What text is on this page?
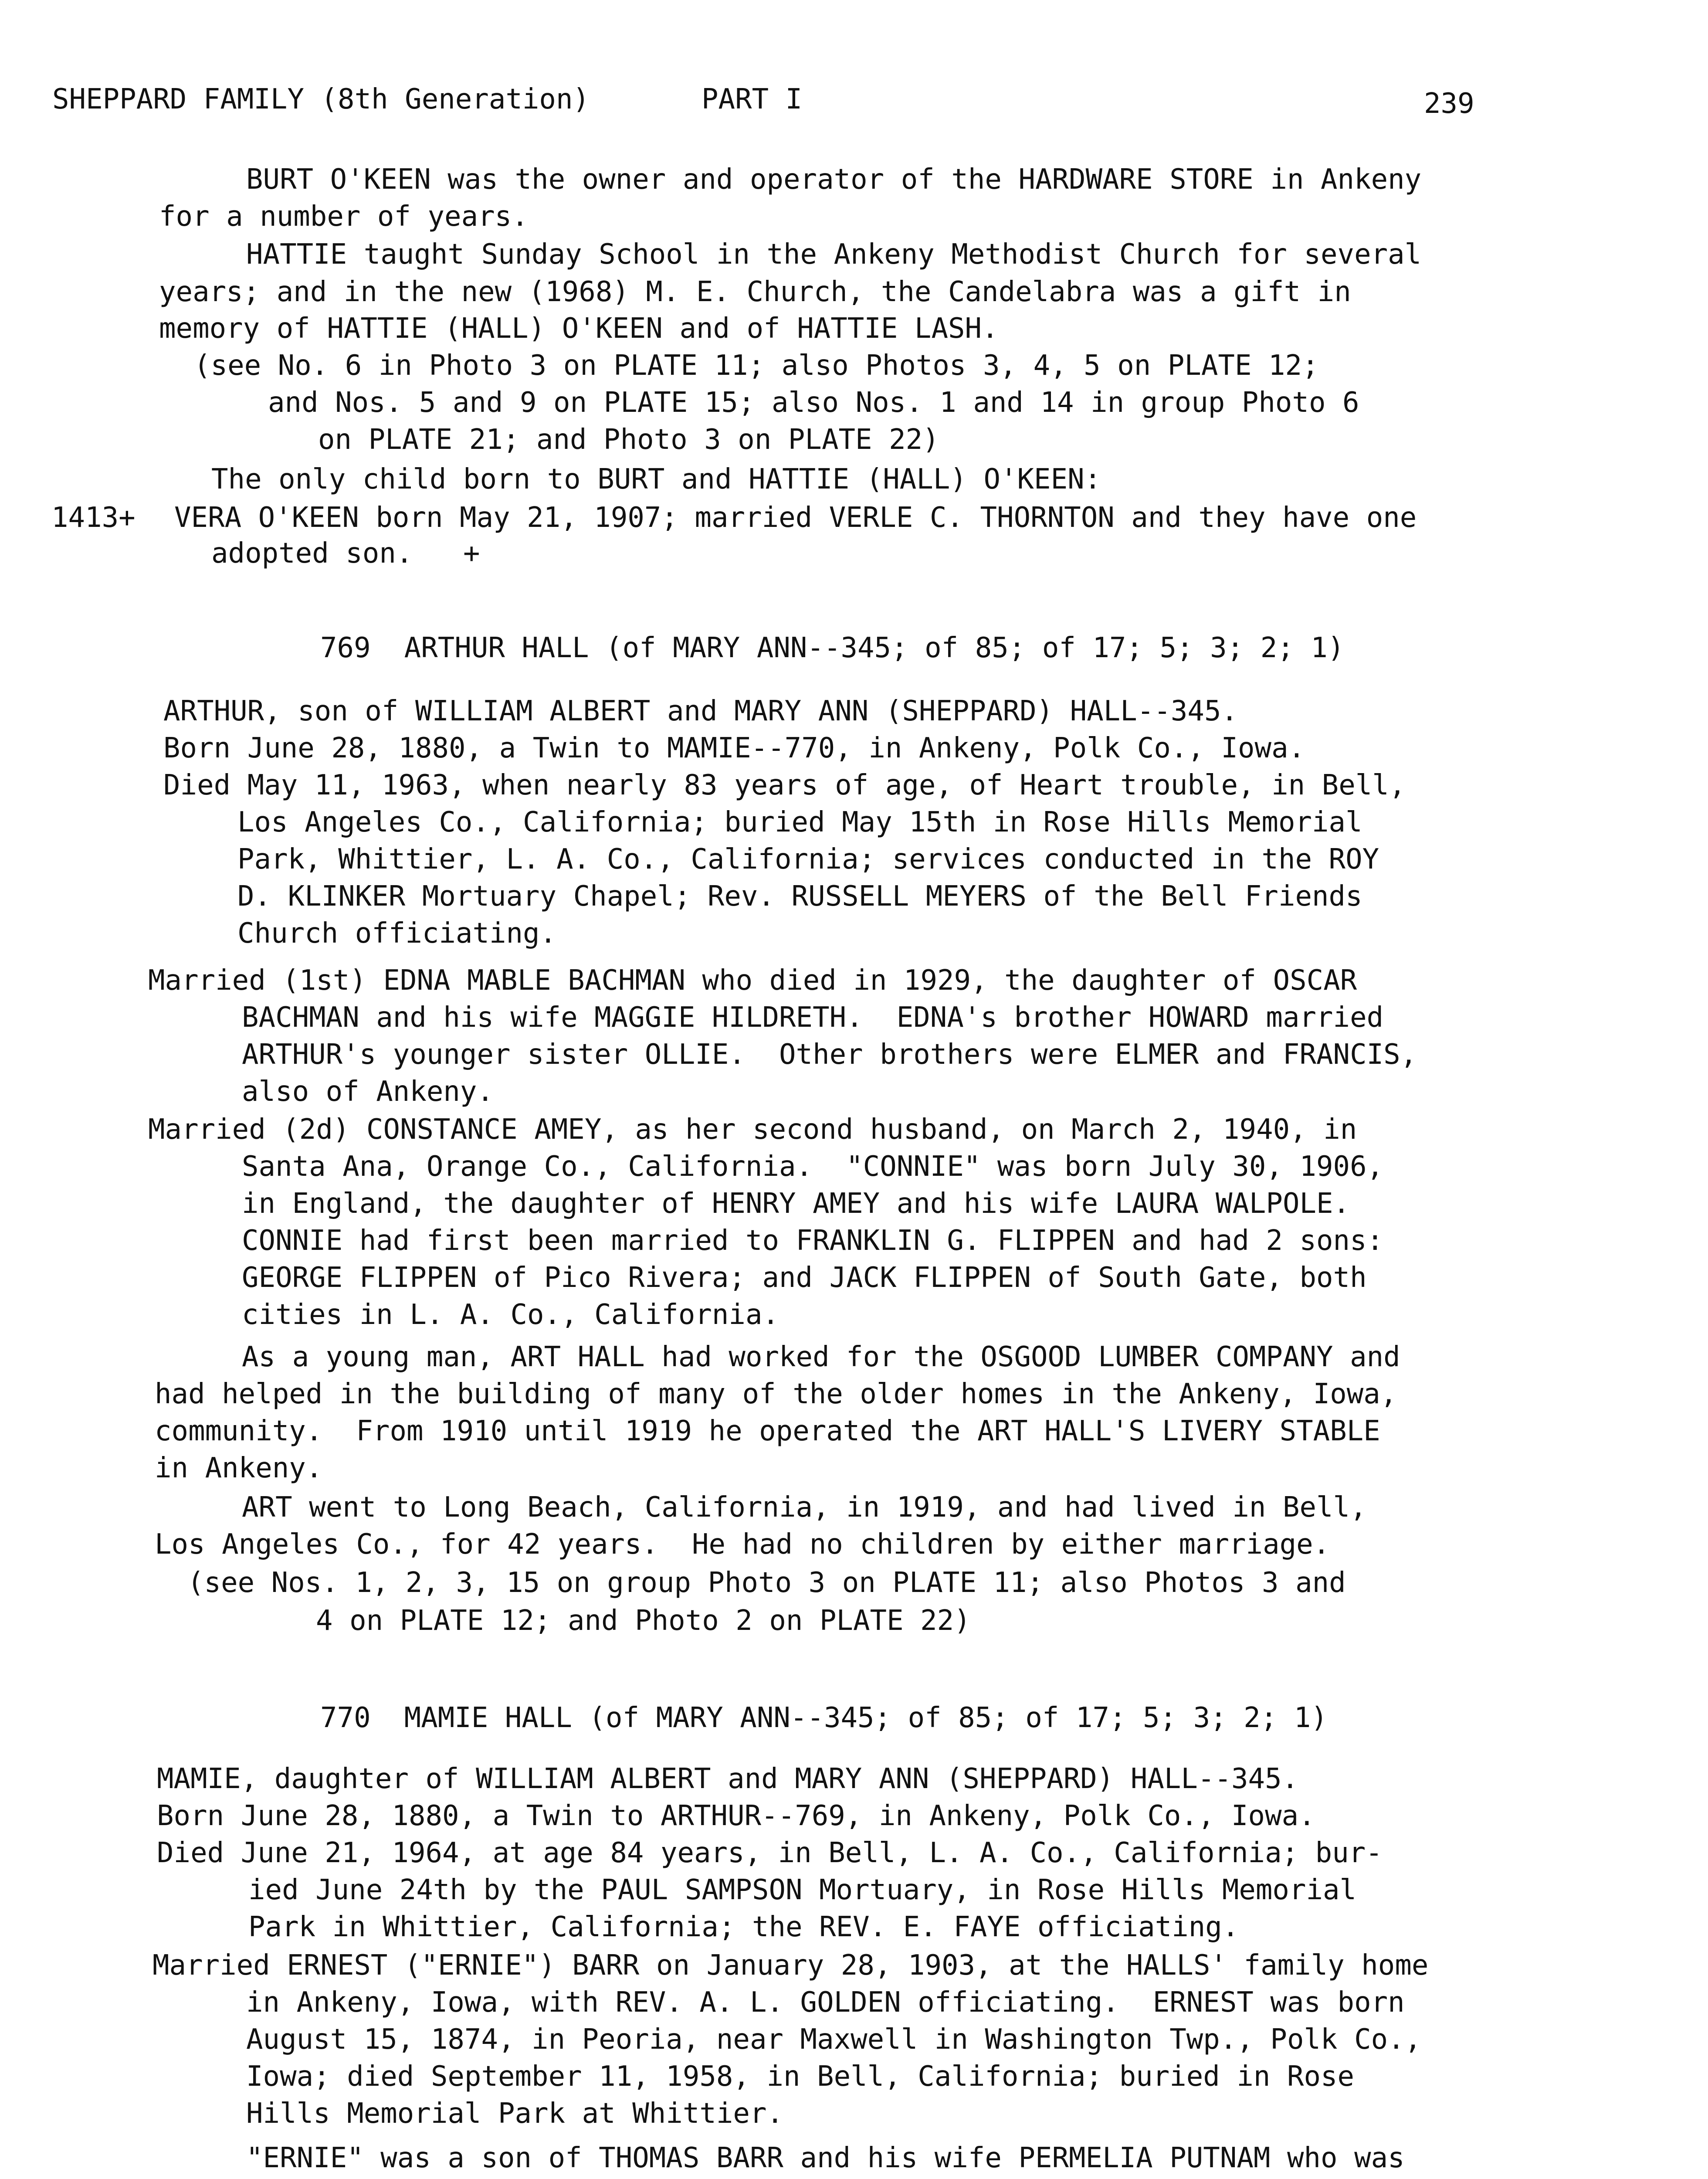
SHEPPARD FAMILY (8th Generation)	PART I	239
BURT O'KEEN was the owner and operator of the HARDWARE STORE in Ankeny
for a number of years.
HATTIE taught Sunday School in the Ankeny Methodist Church for several
years; and in the new (1968) M. E. Church, the Candelabra was a gift in
memory of HATTIE (HALL) O'KEEN and of HATTIE LASH.
(see No. 6 in Photo 3 on PLATE 11; also Photos 3, 4, 5 on PLATE 12;
and Nos. 5 and 9 on PLATE 15; also Nos. 1 and 14 in group Photo 6
on PLATE 21; and Photo 3 on PLATE 22)
The only child born to BURT and HATTIE (HALL) O'KEEN:
1413+ VERA O'KEEN born May 21, 1907; married VERLE C. THORNTON and they have one
adopted son.   +
769  ARTHUR HALL (of MARY ANN--345; of 85; of 17; 5; 3; 2; 1)
ARTHUR, son of WILLIAM ALBERT and MARY ANN (SHEPPARD) HALL--345.
Born June 28, 1880, a Twin to MAMIE--770, in Ankeny, Polk Co., Iowa.
Died May 11, 1963, when nearly 83 years of age, of Heart trouble, in Bell,
Los Angeles Co., California; buried May 15th in Rose Hills Memorial
Park, Whittier, L. A. Co., California; services conducted in the ROY
D. KLINKER Mortuary Chapel; Rev. RUSSELL MEYERS of the Bell Friends
Church officiating.
Married (1st) EDNA MABLE BACHMAN who died in 1929, the daughter of OSCAR
BACHMAN and his wife MAGGIE HILDRETH.  EDNA's brother HOWARD married
ARTHUR's younger sister OLLIE.  Other brothers were ELMER and FRANCIS,
also of Ankeny.
Married (2d) CONSTANCE AMEY, as her second husband, on March 2, 1940, in
Santa Ana, Orange Co., California.  "CONNIE" was born July 30, 1906,
in England, the daughter of HENRY AMEY and his wife LAURA WALPOLE.
CONNIE had first been married to FRANKLIN G. FLIPPEN and had 2 sons:
GEORGE FLIPPEN of Pico Rivera; and JACK FLIPPEN of South Gate, both
cities in L. A. Co., California.
As a young man, ART HALL had worked for the OSGOOD LUMBER COMPANY and
had helped in the building of many of the older homes in the Ankeny, Iowa,
community.  From 1910 until 1919 he operated the ART HALL'S LIVERY STABLE
in Ankeny.
ART went to Long Beach, California, in 1919, and had lived in Bell,
Los Angeles Co., for 42 years.  He had no children by either marriage.
(see Nos. 1, 2, 3, 15 on group Photo 3 on PLATE 11; also Photos 3 and
4 on PLATE 12; and Photo 2 on PLATE 22)
770  MAMIE HALL (of MARY ANN--345; of 85; of 17; 5; 3; 2; 1)
MAMIE, daughter of WILLIAM ALBERT and MARY ANN (SHEPPARD) HALL--345.
Born June 28, 1880, a Twin to ARTHUR--769, in Ankeny, Polk Co., Iowa.
Died June 21, 1964, at age 84 years, in Bell, L. A. Co., California; bur-
ied June 24th by the PAUL SAMPSON Mortuary, in Rose Hills Memorial
Park in Whittier, California; the REV. E. FAYE officiating.
Married ERNEST ("ERNIE") BARR on January 28, 1903, at the HALLS' family home
in Ankeny, Iowa, with REV. A. L. GOLDEN officiating.  ERNEST was born
August 15, 1874, in Peoria, near Maxwell in Washington Twp., Polk Co.,
Iowa; died September 11, 1958, in Bell, California; buried in Rose
Hills Memorial Park at Whittier.
"ERNIE" was a son of THOMAS BARR and his wife PERMELIA PUTNAM who was
